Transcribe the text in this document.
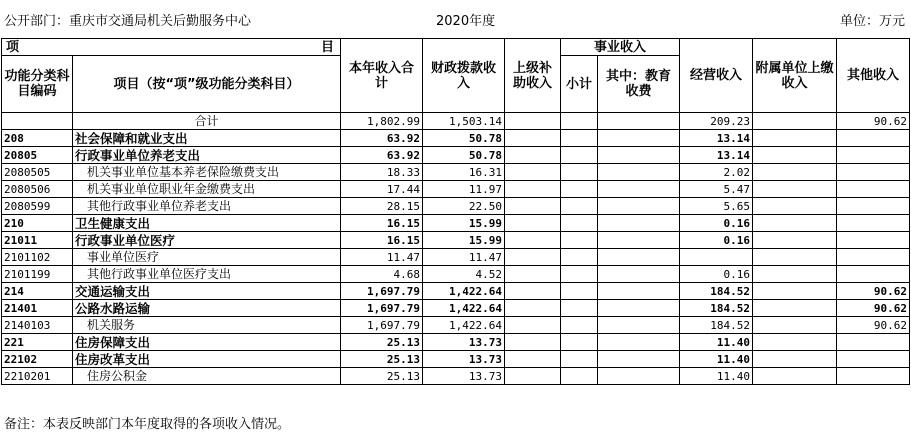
公开部门：重庆市交通局机关后勤服务中心	2020年度	单位：万元
项 目		本年收入合计	财政拨款收入	上级补助收入	事业收入		经营收入	附属单位上缴收入	其他收入
功能分类科目编码	项目（按“项”级功能分类科目）				小计	其中：教育收费			

	合计	1,802.99	1,503.14				209.23		90.62
208	社会保障和就业支出	63.92	50.78				13.14		
20805	行政事业单位养老支出	63.92	50.78				13.14		
2080505	机关事业单位基本养老保险缴费支出	18.33	16.31				2.02		
2080506	机关事业单位职业年金缴费支出	17.44	11.97				5.47		
2080599	其他行政事业单位养老支出	28.15	22.50				5.65		
210	卫生健康支出	16.15	15.99				0.16		
21011	行政事业单位医疗	16.15	15.99				0.16		
2101102	事业单位医疗	11.47	11.47						
2101199	其他行政事业单位医疗支出	4.68	4.52				0.16		
214	交通运输支出	1,697.79	1,422.64				184.52		90.62
21401	公路水路运输	1,697.79	1,422.64				184.52		90.62
2140103	机关服务	1,697.79	1,422.64				184.52		90.62
221	住房保障支出	25.13	13.73				11.40		
22102	住房改革支出	25.13	13.73				11.40		
2210201	住房公积金	25.13	13.73				11.40		
备注：本表反映部门本年度取得的各项收入情况。
